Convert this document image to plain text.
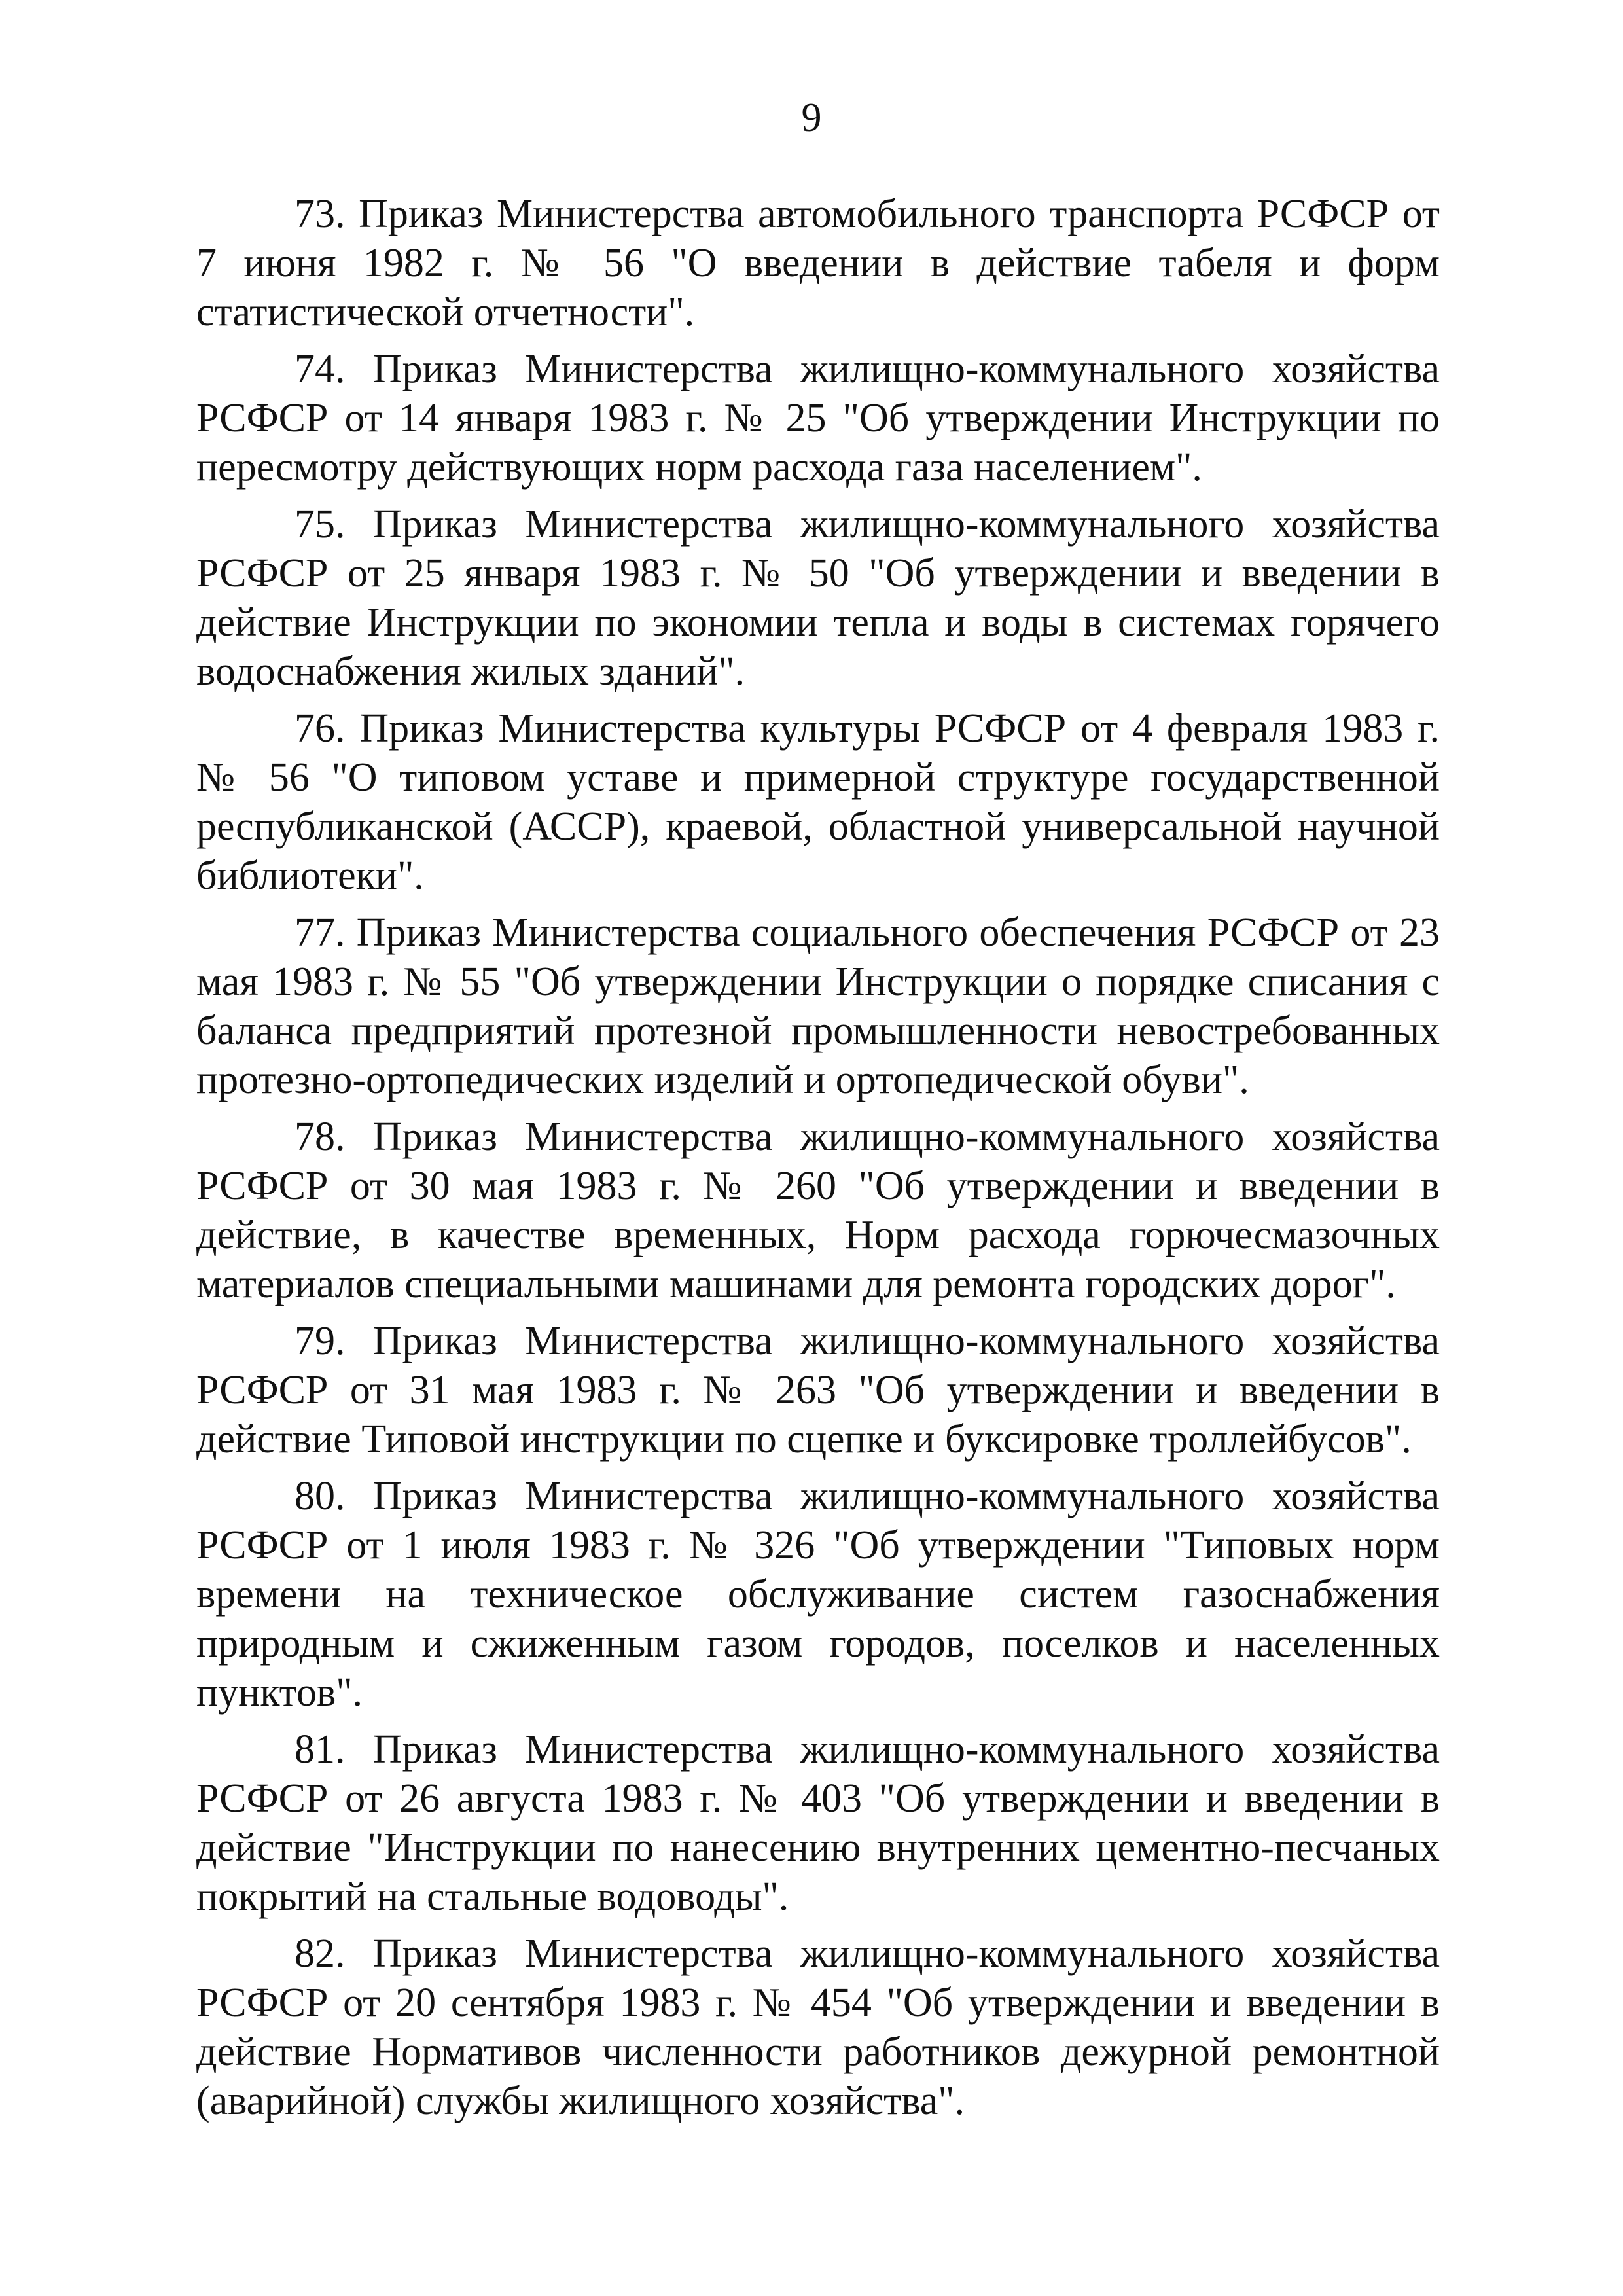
9

73. Приказ Министерства автомобильного транспорта РСФСР от 7 июня 1982 г. № 56 "О введении в действие табеля и форм статистической отчетности".

74. Приказ Министерства жилищно-коммунального хозяйства РСФСР от 14 января 1983 г. № 25 "Об утверждении Инструкции по пересмотру действующих норм расхода газа населением".

75. Приказ Министерства жилищно-коммунального хозяйства РСФСР от 25 января 1983 г. № 50 "Об утверждении и введении в действие Инструкции по экономии тепла и воды в системах горячего водоснабжения жилых зданий".

76. Приказ Министерства культуры РСФСР от 4 февраля 1983 г. № 56 "О типовом уставе и примерной структуре государственной республиканской (АССР), краевой, областной универсальной научной библиотеки".

77. Приказ Министерства социального обеспечения РСФСР от 23 мая 1983 г. № 55 "Об утверждении Инструкции о порядке списания с баланса предприятий протезной промышленности невостребованных протезно-ортопедических изделий и ортопедической обуви".

78. Приказ Министерства жилищно-коммунального хозяйства РСФСР от 30 мая 1983 г. № 260 "Об утверждении и введении в действие, в качестве временных, Норм расхода горючесмазочных материалов специальными машинами для ремонта городских дорог".

79. Приказ Министерства жилищно-коммунального хозяйства РСФСР от 31 мая 1983 г. № 263 "Об утверждении и введении в действие Типовой инструкции по сцепке и буксировке троллейбусов".

80. Приказ Министерства жилищно-коммунального хозяйства РСФСР от 1 июля 1983 г. № 326 "Об утверждении "Типовых норм времени на техническое обслуживание систем газоснабжения природным и сжиженным газом городов, поселков и населенных пунктов".

81. Приказ Министерства жилищно-коммунального хозяйства РСФСР от 26 августа 1983 г. № 403 "Об утверждении и введении в действие "Инструкции по нанесению внутренних цементно-песчаных покрытий на стальные водоводы".

82. Приказ Министерства жилищно-коммунального хозяйства РСФСР от 20 сентября 1983 г. № 454 "Об утверждении и введении в действие Нормативов численности работников дежурной ремонтной (аварийной) службы жилищного хозяйства".
